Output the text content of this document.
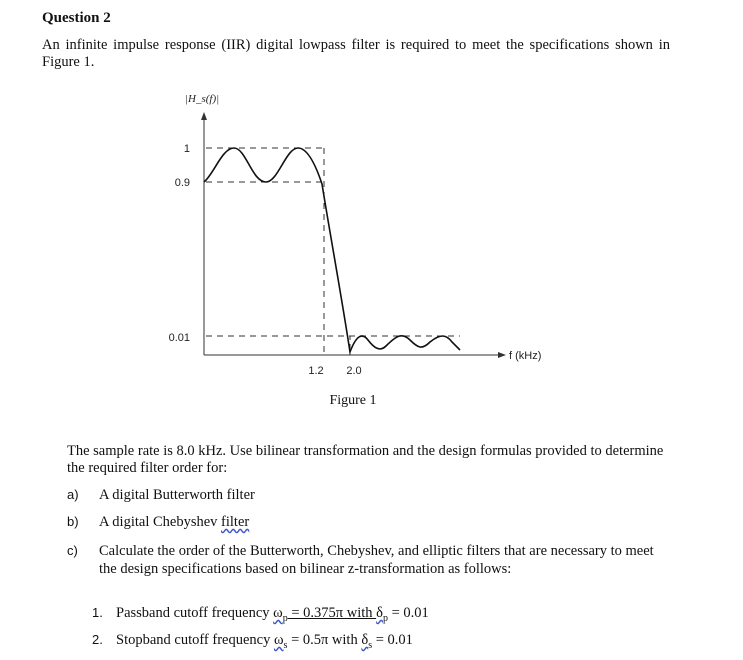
Question 2
An infinite impulse response (IIR) digital lowpass filter is required to meet the specifications shown in Figure 1.
|H_s(f)|
1
0.9
0.01
1.2 2.0
f (kHz)
Figure 1
The sample rate is 8.0 kHz. Use bilinear transformation and the design formulas provided to determine the required filter order for:
a) A digital Butterworth filter
b) A digital Chebyshev filter
c) Calculate the order of the Butterworth, Chebyshev, and elliptic filters that are necessary to meet the design specifications based on bilinear z-transformation as follows:
1. Passband cutoff frequency $\omega_p = 0.375\pi$ with $\delta_p = 0.01$
2. Stopband cutoff frequency $\omega_s = 0.5\pi$ with $\delta_s = 0.01$
